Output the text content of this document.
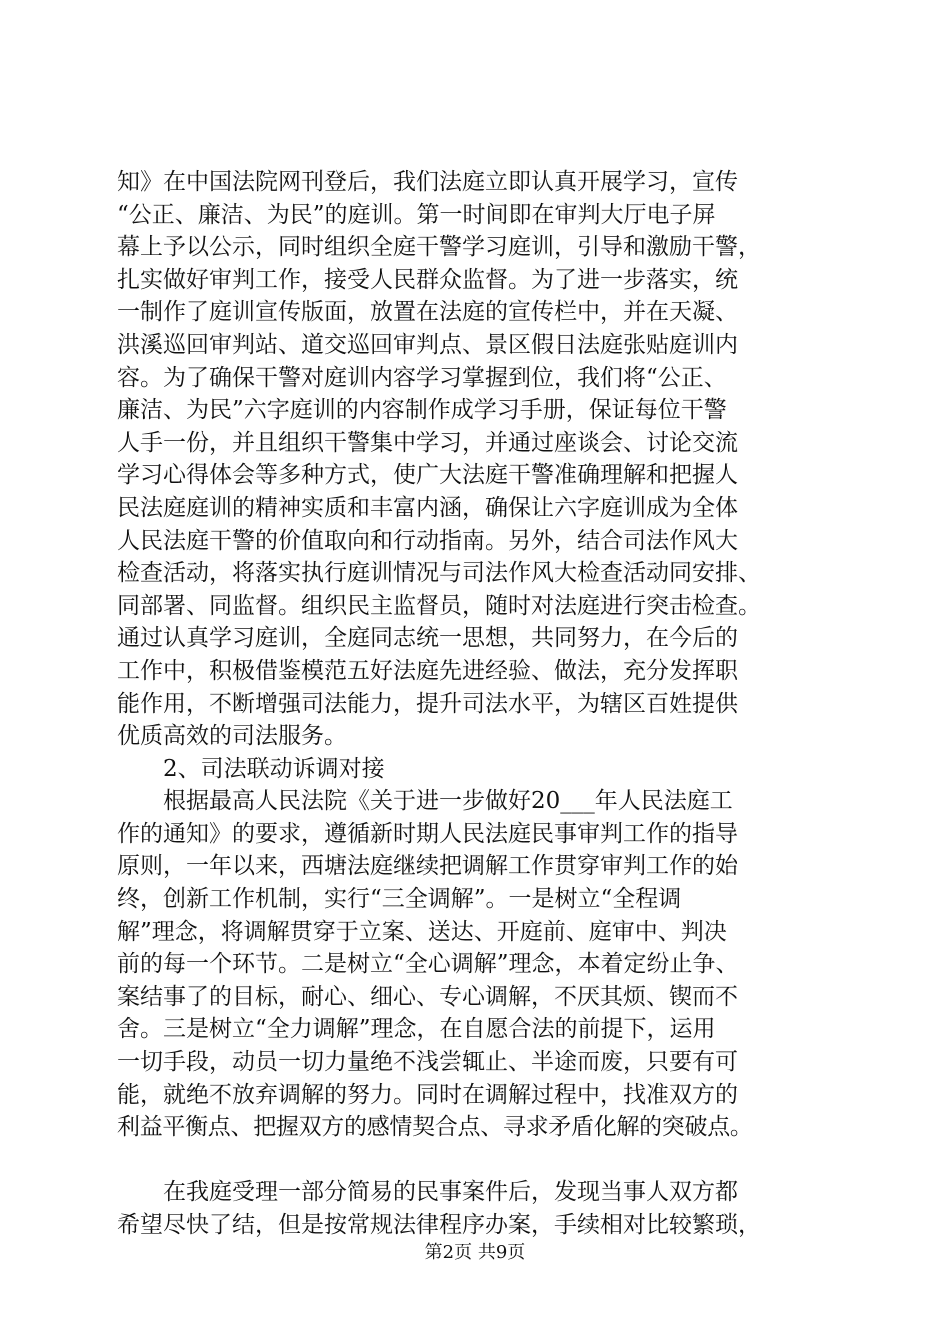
知》在中国法院网刊登后，我们法庭立即认真开展学习，宣传
“公正、廉洁、为民”的庭训。第一时间即在审判大厅电子屏
幕上予以公示，同时组织全庭干警学习庭训，引导和激励干警，
扎实做好审判工作，接受人民群众监督。为了进一步落实，统
一制作了庭训宣传版面，放置在法庭的宣传栏中，并在天凝、
洪溪巡回审判站、道交巡回审判点、景区假日法庭张贴庭训内
容。为了确保干警对庭训内容学习掌握到位，我们将“公正、
廉洁、为民”六字庭训的内容制作成学习手册，保证每位干警
人手一份，并且组织干警集中学习，并通过座谈会、讨论交流
学习心得体会等多种方式，使广大法庭干警准确理解和把握人
民法庭庭训的精神实质和丰富内涵，确保让六字庭训成为全体
人民法庭干警的价值取向和行动指南。另外，结合司法作风大
检查活动，将落实执行庭训情况与司法作风大检查活动同安排、
同部署、同监督。组织民主监督员，随时对法庭进行突击检查。
通过认真学习庭训，全庭同志统一思想，共同努力，在今后的
工作中，积极借鉴模范五好法庭先进经验、做法，充分发挥职
能作用，不断增强司法能力，提升司法水平，为辖区百姓提供
优质高效的司法服务。
2、司法联动诉调对接
根据最高人民法院《关于进一步做好20___年人民法庭工
作的通知》的要求，遵循新时期人民法庭民事审判工作的指导
原则，一年以来，西塘法庭继续把调解工作贯穿审判工作的始
终，创新工作机制，实行“三全调解”。一是树立“全程调
解”理念，将调解贯穿于立案、送达、开庭前、庭审中、判决
前的每一个环节。二是树立“全心调解”理念，本着定纷止争、
案结事了的目标，耐心、细心、专心调解，不厌其烦、锲而不
舍。三是树立“全力调解”理念，在自愿合法的前提下，运用
一切手段，动员一切力量绝不浅尝辄止、半途而废，只要有可
能，就绝不放弃调解的努力。同时在调解过程中，找准双方的
利益平衡点、把握双方的感情契合点、寻求矛盾化解的突破点。
在我庭受理一部分简易的民事案件后，发现当事人双方都
希望尽快了结，但是按常规法律程序办案，手续相对比较繁琐，
第2页 共9页
